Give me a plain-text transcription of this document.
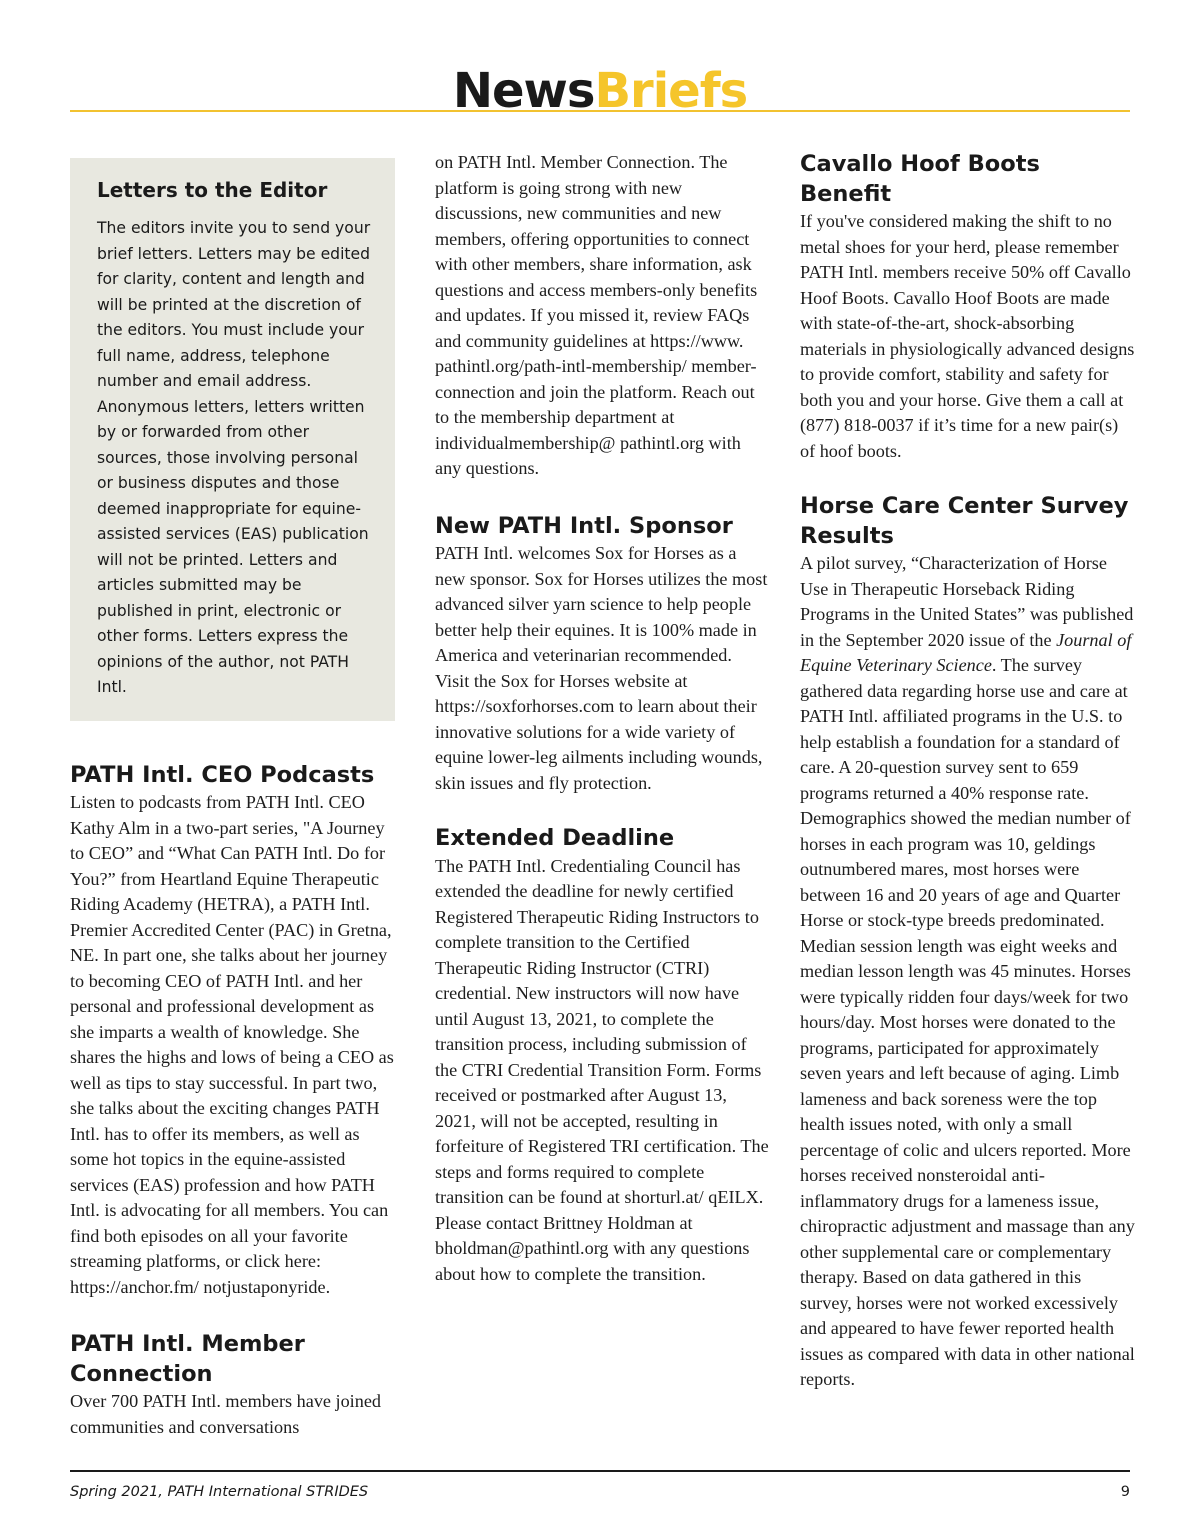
NewsBriefs
Letters to the Editor

The editors invite you to send your brief letters. Letters may be edited for clarity, content and length and will be printed at the discretion of the editors. You must include your full name, address, telephone number and email address. Anonymous letters, letters written by or forwarded from other sources, those involving personal or business disputes and those deemed inappropriate for equine-assisted services (EAS) publication will not be printed. Letters and articles submitted may be published in print, electronic or other forms. Letters express the opinions of the author, not PATH Intl.

PATH Intl. CEO Podcasts

Listen to podcasts from PATH Intl. CEO Kathy Alm in a two-part series, "A Journey to CEO” and “What Can PATH Intl. Do for You?” from Heartland Equine Therapeutic Riding Academy (HETRA), a PATH Intl. Premier Accredited Center (PAC) in Gretna, NE. In part one, she talks about her journey to becoming CEO of PATH Intl. and her personal and professional development as she imparts a wealth of knowledge. She shares the highs and lows of being a CEO as well as tips to stay successful. In part two, she talks about the exciting changes PATH Intl. has to offer its members, as well as some hot topics in the equine-assisted services (EAS) profession and how PATH Intl. is advocating for all members. You can find both episodes on all your favorite streaming platforms, or click here: https://anchor.fm/ notjustaponyride.

PATH Intl. Member Connection

Over 700 PATH Intl. members have joined communities and conversations

on PATH Intl. Member Connection. The platform is going strong with new discussions, new communities and new members, offering opportunities to connect with other members, share information, ask questions and access members-only benefits and updates. If you missed it, review FAQs and community guidelines at https://www. pathintl.org/path-intl-membership/ member-connection and join the platform. Reach out to the membership department at individualmembership@ pathintl.org with any questions.

New PATH Intl. Sponsor

PATH Intl. welcomes Sox for Horses as a new sponsor. Sox for Horses utilizes the most advanced silver yarn science to help people better help their equines. It is 100% made in America and veterinarian recommended. Visit the Sox for Horses website at https://soxforhorses.com to learn about their innovative solutions for a wide variety of equine lower-leg ailments including wounds, skin issues and fly protection.

Extended Deadline

The PATH Intl. Credentialing Council has extended the deadline for newly certified Registered Therapeutic Riding Instructors to complete transition to the Certified Therapeutic Riding Instructor (CTRI) credential. New instructors will now have until August 13, 2021, to complete the transition process, including submission of the CTRI Credential Transition Form. Forms received or postmarked after August 13, 2021, will not be accepted, resulting in forfeiture of Registered TRI certification. The steps and forms required to complete transition can be found at shorturl.at/ qEILX. Please contact Brittney Holdman at bholdman@pathintl.org with any questions about how to complete the transition.

Cavallo Hoof Boots Benefit

If you've considered making the shift to no metal shoes for your herd, please remember PATH Intl. members receive 50% off Cavallo Hoof Boots. Cavallo Hoof Boots are made with state-of-the-art, shock-absorbing materials in physiologically advanced designs to provide comfort, stability and safety for both you and your horse. Give them a call at (877) 818-0037 if it’s time for a new pair(s) of hoof boots.

Horse Care Center Survey Results

A pilot survey, “Characterization of Horse Use in Therapeutic Horseback Riding Programs in the United States” was published in the September 2020 issue of the Journal of Equine Veterinary Science. The survey gathered data regarding horse use and care at PATH Intl. affiliated programs in the U.S. to help establish a foundation for a standard of care. A 20-question survey sent to 659 programs returned a 40% response rate. Demographics showed the median number of horses in each program was 10, geldings outnumbered mares, most horses were between 16 and 20 years of age and Quarter Horse or stock-type breeds predominated. Median session length was eight weeks and median lesson length was 45 minutes. Horses were typically ridden four days/week for two hours/day. Most horses were donated to the programs, participated for approximately seven years and left because of aging. Limb lameness and back soreness were the top health issues noted, with only a small percentage of colic and ulcers reported. More horses received nonsteroidal anti-inflammatory drugs for a lameness issue, chiropractic adjustment and massage than any other supplemental care or complementary therapy. Based on data gathered in this survey, horses were not worked excessively and appeared to have fewer reported health issues as compared with data in other national reports.

Spring 2021, PATH International STRIDES	9
